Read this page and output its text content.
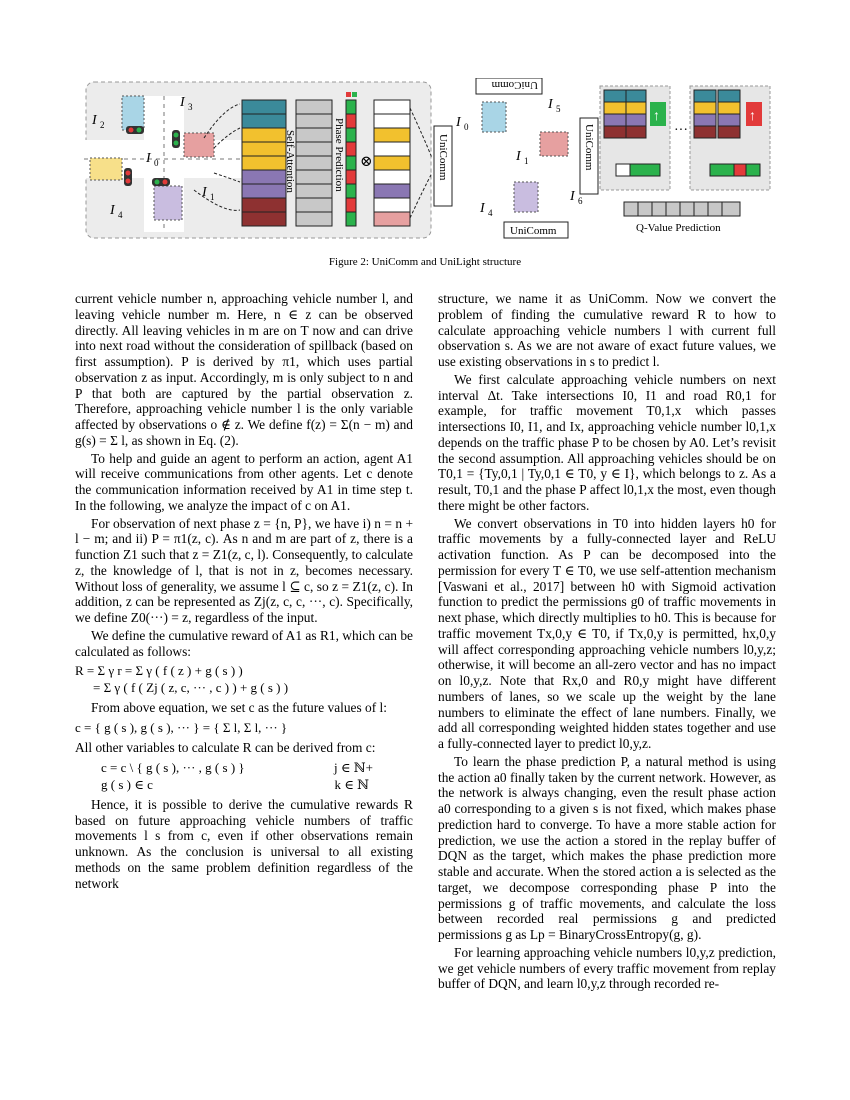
I 2
I 3
I 0
I 1
I 4
Self-Attention	Phase Prediction ⊗	UniComm
I 0
I 5
I 1
I 6
I 4
UniComm
UniComm
UniComm
↑
···
↑
Q-Value Prediction
Figure 2: UniComm and UniLight structure

current vehicle number n, approaching vehicle number l, and leaving vehicle number m. Here, n ∈ z can be observed directly. All leaving vehicles in m are on T now and can drive into next road without the consideration of spillback (based on first assumption). P is derived by π1, which uses partial observation z as input. Accordingly, m is only subject to n and P that both are captured by the partial observation z. Therefore, approaching vehicle number l is the only variable affected by observations o ∉ z. We define f(z) = Σ(n − m) and g(s) = Σ l, as shown in Eq. (2).

To help and guide an agent to perform an action, agent A1 will receive communications from other agents. Let c denote the communication information received by A1 in time step t. In the following, we analyze the impact of c on A1.

For observation of next phase z = {n, P}, we have i) n = n + l − m; and ii) P = π1(z, c). As n and m are part of z, there is a function Z1 such that z = Z1(z, c, l). Consequently, to calculate z, the knowledge of l, that is not in z, becomes necessary. Without loss of generality, we assume l ⊆ c, so z = Z1(z, c). In addition, z can be represented as Zj(z, c, c, ···, c). Specifically, we define Z0(···) = z, regardless of the input.

We define the cumulative reward of A1 as R1, which can be calculated as follows:

R = Σ γ r = Σ γ ( f ( z ) + g ( s ) )
= Σ γ ( f ( Zj ( z, c, ··· , c ) ) + g ( s ) )

From above equation, we set c as the future values of l:

c = { g ( s ), g ( s ), ··· } = { Σ l, Σ l, ··· }

All other variables to calculate R can be derived from c:

c = c \ { g ( s ), ··· , g ( s ) }	j ∈ ℕ+
g ( s ) ∈ c	k ∈ ℕ

Hence, it is possible to derive the cumulative rewards R based on future approaching vehicle numbers of traffic movements l s from c, even if other observations remain unknown. As the conclusion is universal to all existing methods on the same problem definition regardless of the network

structure, we name it as UniComm. Now we convert the problem of finding the cumulative reward R to how to calculate approaching vehicle numbers l with current full observation s. As we are not aware of exact future values, we use existing observations in s to predict l.

We first calculate approaching vehicle numbers on next interval Δt. Take intersections I0, I1 and road R0,1 for example, for traffic movement T0,1,x which passes intersections I0, I1, and Ix, approaching vehicle number l0,1,x depends on the traffic phase P to be chosen by A0. Let’s revisit the second assumption. All approaching vehicles should be on T0,1 = {Ty,0,1 | Ty,0,1 ∈ T0, y ∈ I}, which belongs to z. As a result, T0,1 and the phase P affect l0,1,x the most, even though there might be other factors.

We convert observations in T0 into hidden layers h0 for traffic movements by a fully-connected layer and ReLU activation function. As P can be decomposed into the permission for every T ∈ T0, we use self-attention mechanism [Vaswani et al., 2017] between h0 with Sigmoid activation function to predict the permissions g0 of traffic movements in next phase, which directly multiplies to h0. This is because for traffic movement Tx,0,y ∈ T0, if Tx,0,y is permitted, hx,0,y will affect corresponding approaching vehicle numbers l0,y,z; otherwise, it will become an all-zero vector and has no impact on l0,y,z. Note that Rx,0 and R0,y might have different numbers of lanes, so we scale up the weight by the lane numbers to eliminate the effect of lane numbers. Finally, we add all corresponding weighted hidden states together and use a fully-connected layer to predict l0,y,z.

To learn the phase prediction P, a natural method is using the action a0 finally taken by the current network. However, as the network is always changing, even the result phase action a0 corresponding to a given s is not fixed, which makes phase prediction hard to converge. To have a more stable action for prediction, we use the action a stored in the replay buffer of DQN as the target, which makes the phase prediction more stable and accurate. When the stored action a is selected as the target, we decompose corresponding phase P into the permissions g of traffic movements, and calculate the loss between recorded real permissions g and predicted permissions g as Lp = BinaryCrossEntropy(g, g).

For learning approaching vehicle numbers l0,y,z prediction, we get vehicle numbers of every traffic movement from replay buffer of DQN, and learn l0,y,z through recorded re-
